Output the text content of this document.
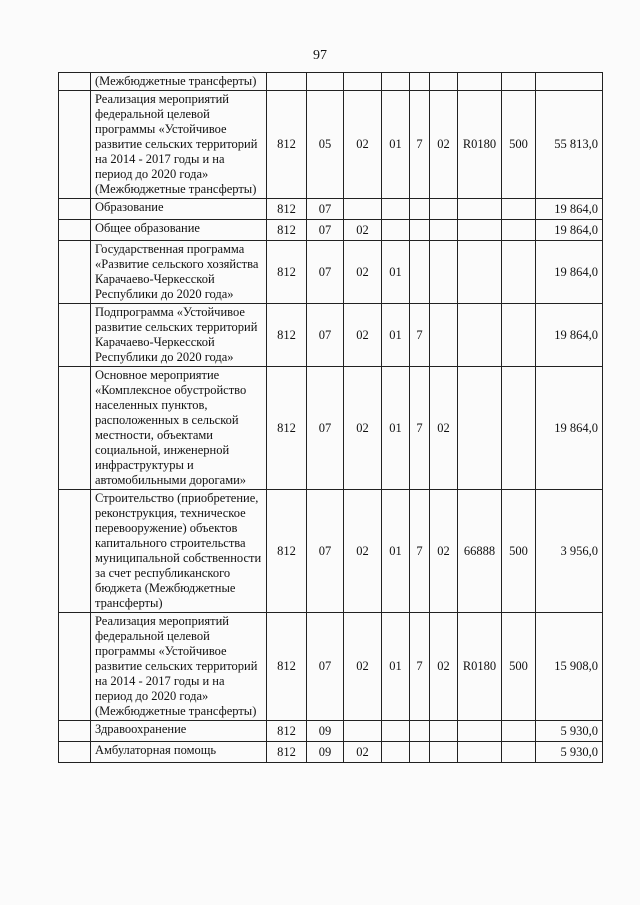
97
	(Межбюджетные трансферты)									
	Реализация мероприятий федеральной целевой программы «Устойчивое развитие сельских территорий на 2014 - 2017 годы и на период до 2020 года» (Межбюджетные трансферты)	812	05	02	01	7	02	R0180	500	55 813,0
	Образование	812	07							19 864,0
	Общее образование	812	07	02						19 864,0
	Государственная программа «Развитие сельского хозяйства Карачаево-Черкесской Республики до 2020 года»	812	07	02	01					19 864,0
	Подпрограмма «Устойчивое развитие сельских территорий Карачаево-Черкесской Республики до 2020 года»	812	07	02	01	7				19 864,0
	Основное мероприятие «Комплексное обустройство населенных пунктов, расположенных в сельской местности, объектами социальной, инженерной инфраструктуры и автомобильными дорогами»	812	07	02	01	7	02			19 864,0
	Строительство (приобретение, реконструкция, техническое перевооружение) объектов капитального строительства муниципальной собственности за счет республиканского бюджета (Межбюджетные трансферты)	812	07	02	01	7	02	66888	500	3 956,0
	Реализация мероприятий федеральной целевой программы «Устойчивое развитие сельских территорий на 2014 - 2017 годы и на период до 2020 года» (Межбюджетные трансферты)	812	07	02	01	7	02	R0180	500	15 908,0
	Здравоохранение	812	09							5 930,0
	Амбулаторная помощь	812	09	02						5 930,0
